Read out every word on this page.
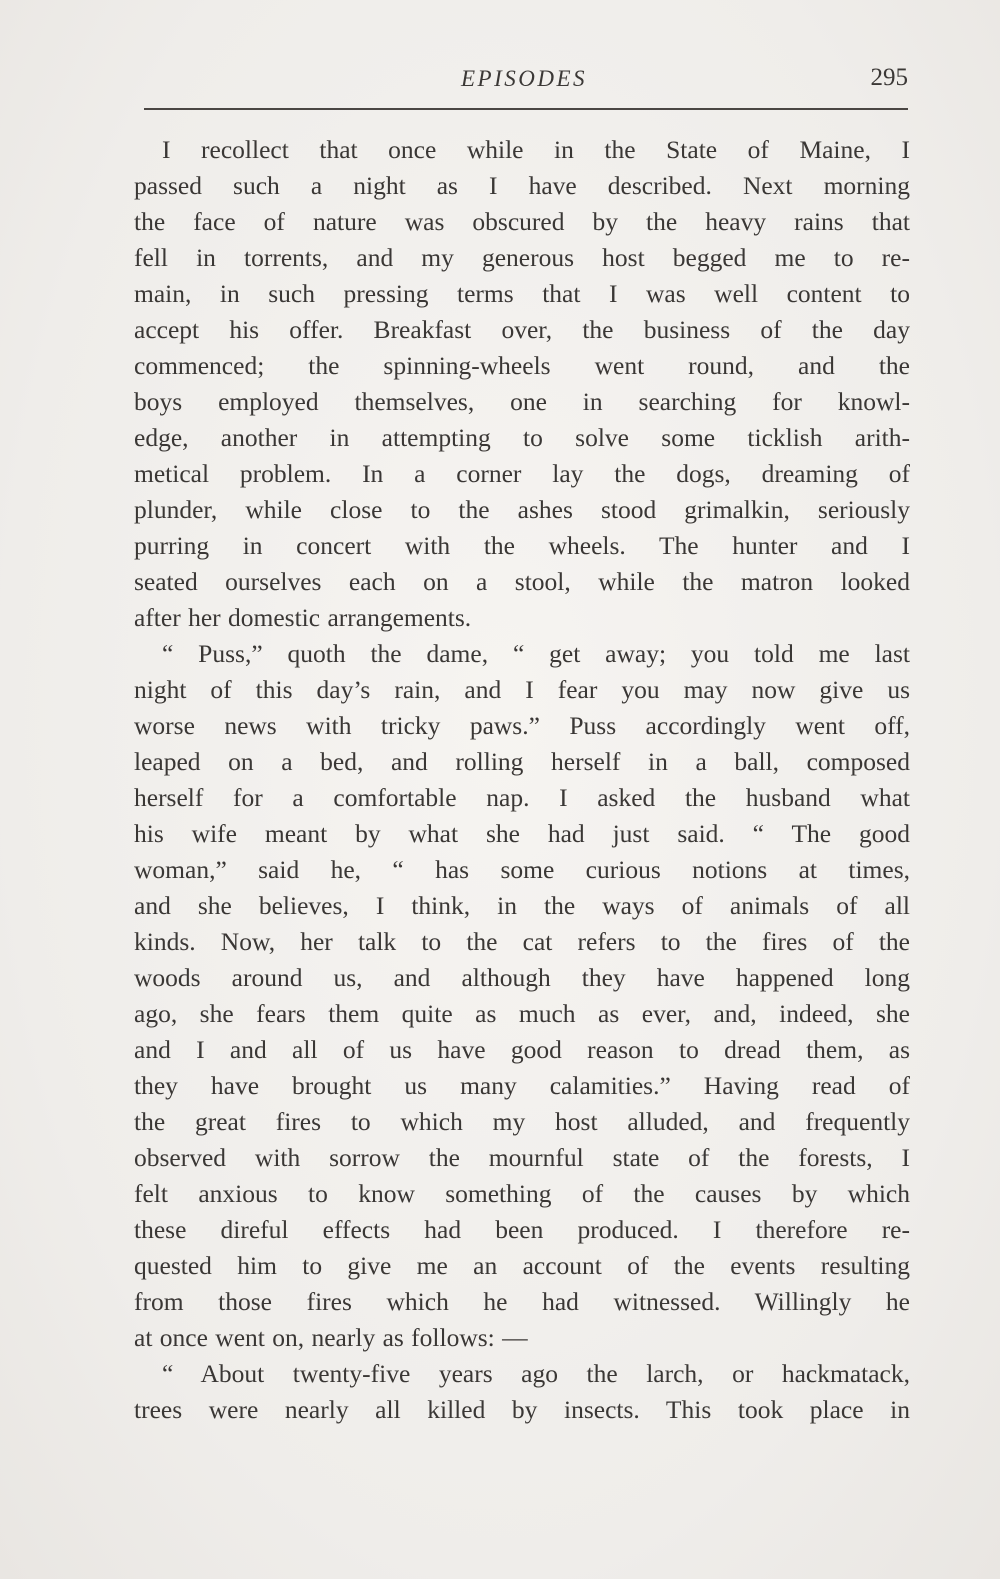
EPISODES	295
I recollect that once while in the State of Maine, I
passed such a night as I have described. Next morning
the face of nature was obscured by the heavy rains that
fell in torrents, and my generous host begged me to re-
main, in such pressing terms that I was well content to
accept his offer. Breakfast over, the business of the day
commenced; the spinning-wheels went round, and the
boys employed themselves, one in searching for knowl-
edge, another in attempting to solve some ticklish arith-
metical problem. In a corner lay the dogs, dreaming of
plunder, while close to the ashes stood grimalkin, seriously
purring in concert with the wheels. The hunter and I
seated ourselves each on a stool, while the matron looked
after her domestic arrangements.
“ Puss,” quoth the dame, “ get away; you told me last
night of this day’s rain, and I fear you may now give us
worse news with tricky paws.” Puss accordingly went off,
leaped on a bed, and rolling herself in a ball, composed
herself for a comfortable nap. I asked the husband what
his wife meant by what she had just said. “ The good
woman,” said he, “ has some curious notions at times,
and she believes, I think, in the ways of animals of all
kinds. Now, her talk to the cat refers to the fires of the
woods around us, and although they have happened long
ago, she fears them quite as much as ever, and, indeed, she
and I and all of us have good reason to dread them, as
they have brought us many calamities.” Having read of
the great fires to which my host alluded, and frequently
observed with sorrow the mournful state of the forests, I
felt anxious to know something of the causes by which
these direful effects had been produced. I therefore re-
quested him to give me an account of the events resulting
from those fires which he had witnessed. Willingly he
at once went on, nearly as follows: —
“ About twenty-five years ago the larch, or hackmatack,
trees were nearly all killed by insects. This took place in
